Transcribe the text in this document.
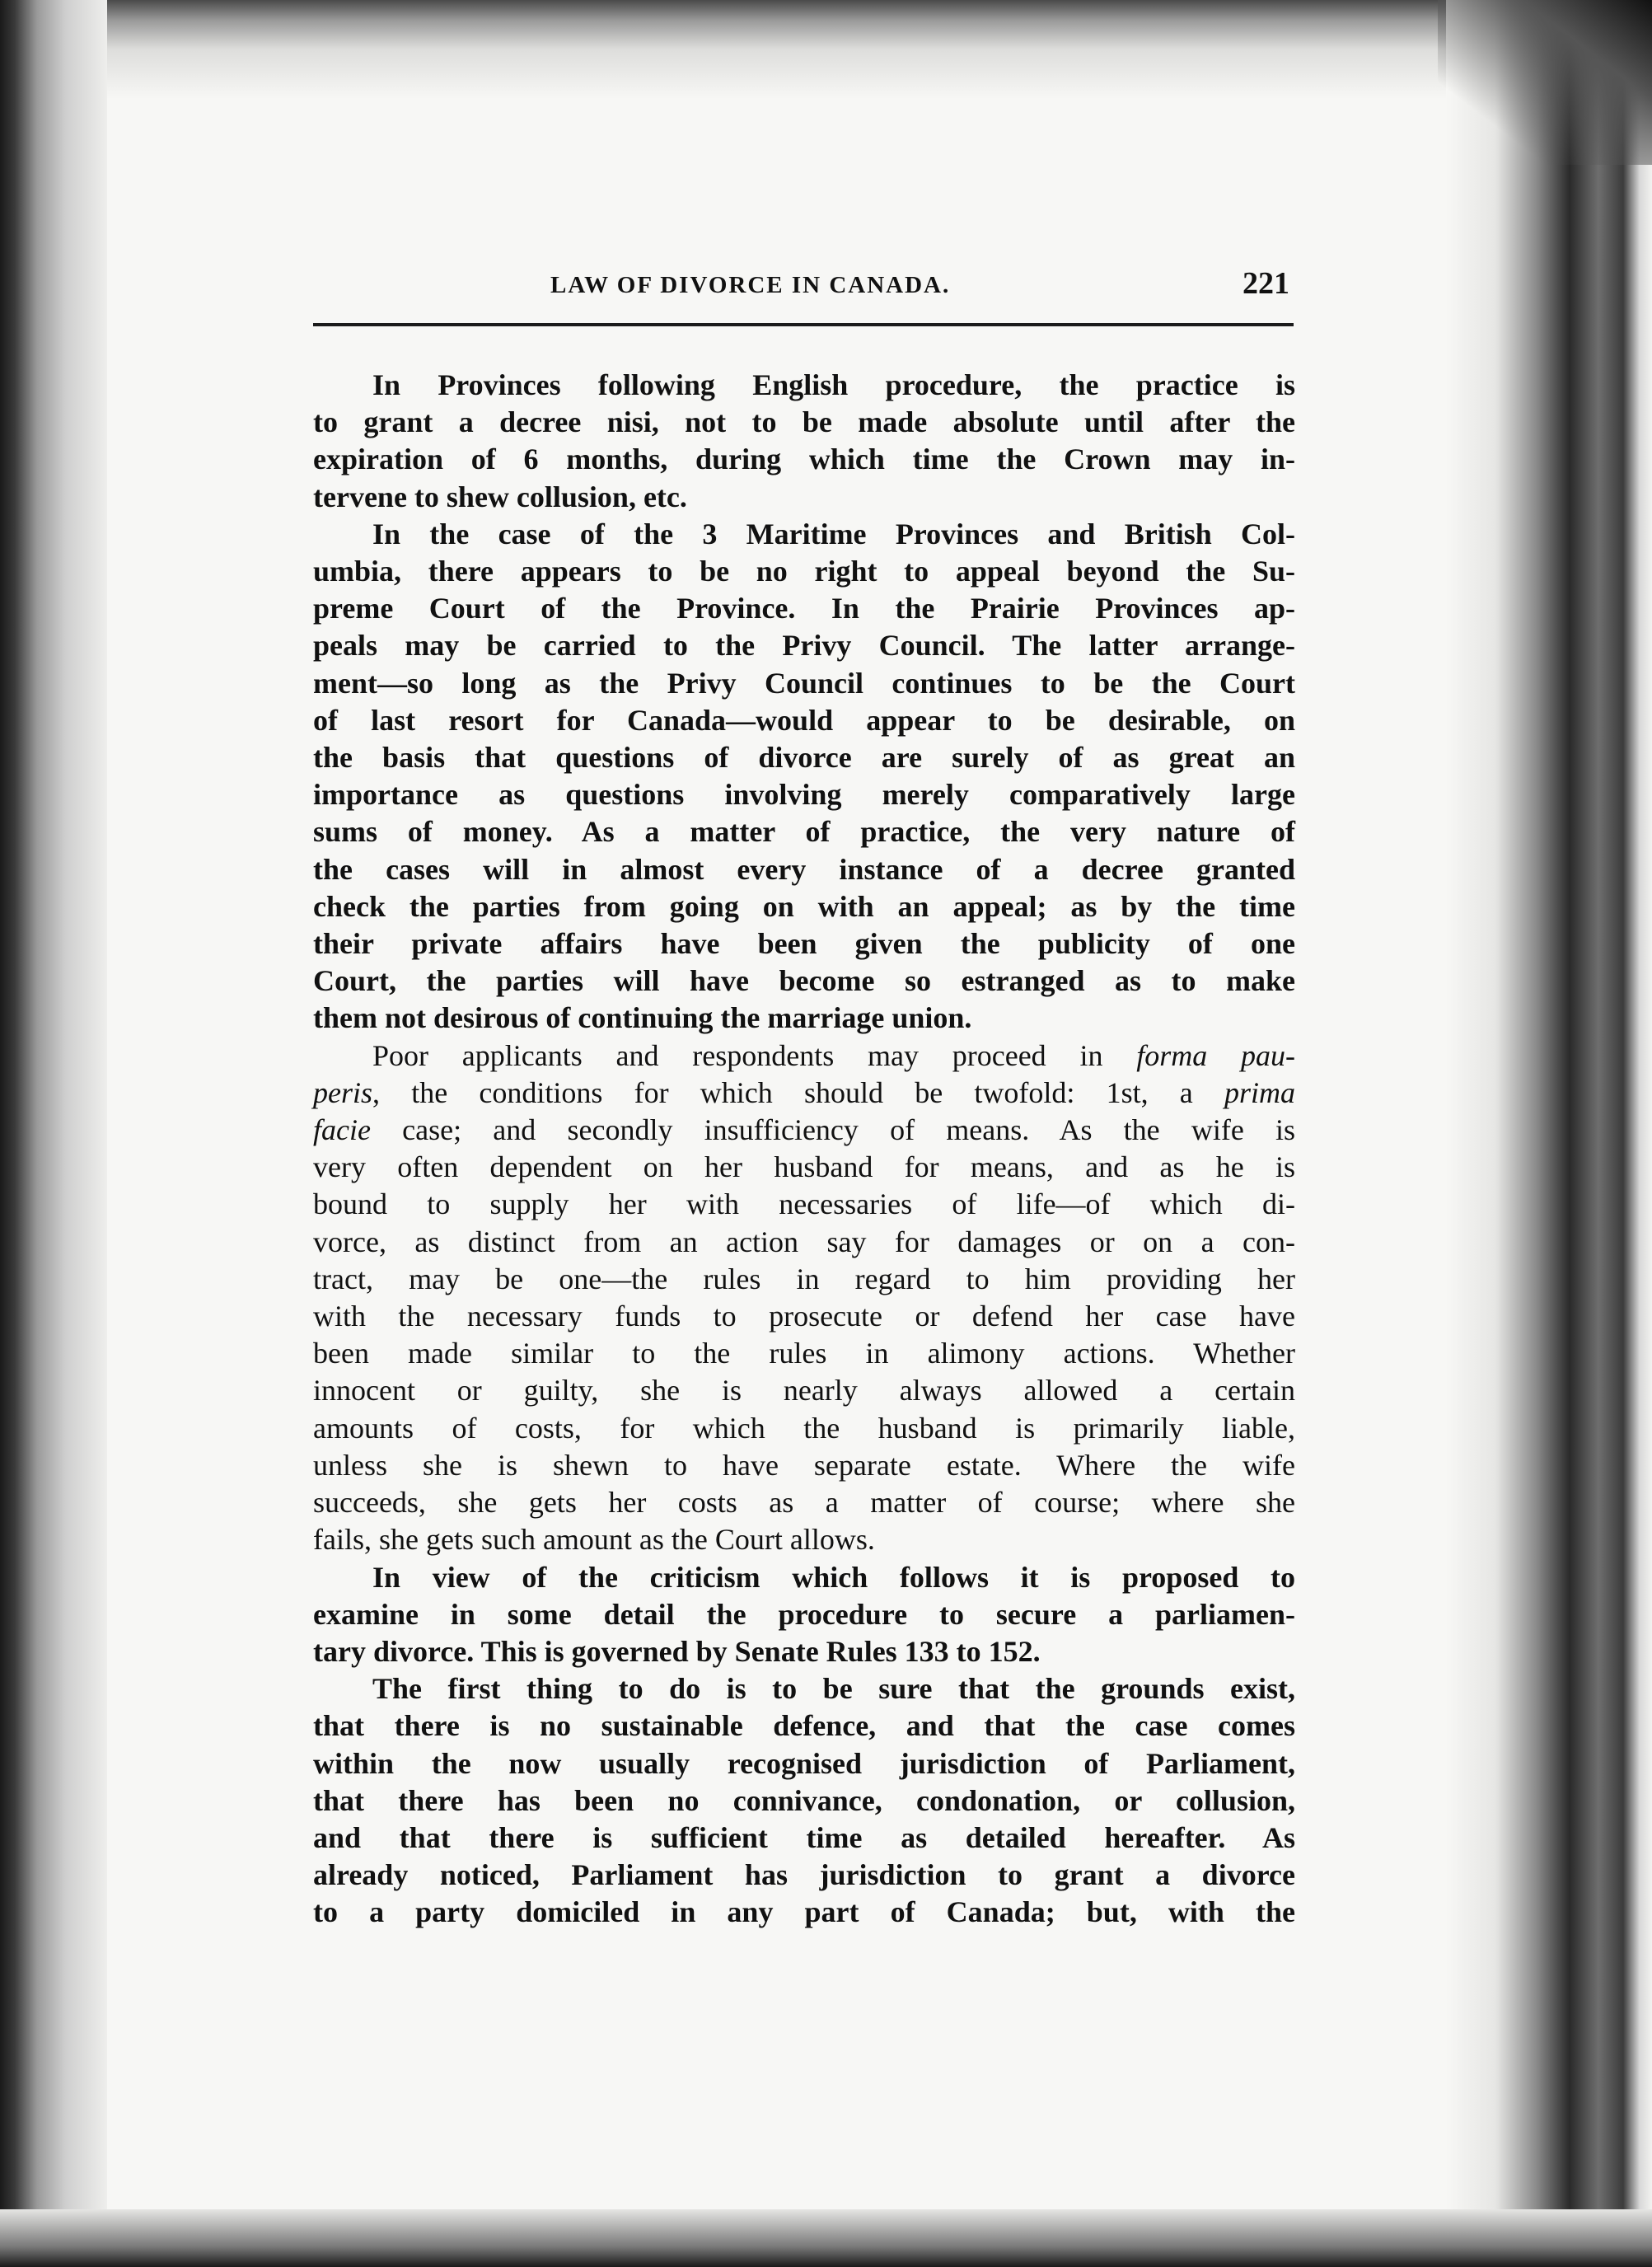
LAW OF DIVORCE IN CANADA.	221

In Provinces following English procedure, the practice is
to grant a decree nisi, not to be made absolute until after the
expiration of 6 months, during which time the Crown may in-
tervene to shew collusion, etc.

In the case of the 3 Maritime Provinces and British Col-
umbia, there appears to be no right to appeal beyond the Su-
preme Court of the Province. In the Prairie Provinces ap-
peals may be carried to the Privy Council. The latter arrange-
ment—so long as the Privy Council continues to be the Court
of last resort for Canada—would appear to be desirable, on
the basis that questions of divorce are surely of as great an
importance as questions involving merely comparatively large
sums of money. As a matter of practice, the very nature of
the cases will in almost every instance of a decree granted
check the parties from going on with an appeal; as by the time
their private affairs have been given the publicity of one
Court, the parties will have become so estranged as to make
them not desirous of continuing the marriage union.

Poor applicants and respondents may proceed in forma pau-
peris, the conditions for which should be twofold: 1st, a prima
facie case; and secondly insufficiency of means. As the wife is
very often dependent on her husband for means, and as he is
bound to supply her with necessaries of life—of which di-
vorce, as distinct from an action say for damages or on a con-
tract, may be one—the rules in regard to him providing her
with the necessary funds to prosecute or defend her case have
been made similar to the rules in alimony actions. Whether
innocent or guilty, she is nearly always allowed a certain
amounts of costs, for which the husband is primarily liable,
unless she is shewn to have separate estate. Where the wife
succeeds, she gets her costs as a matter of course; where she
fails, she gets such amount as the Court allows.

In view of the criticism which follows it is proposed to
examine in some detail the procedure to secure a parliamen-
tary divorce. This is governed by Senate Rules 133 to 152.

The first thing to do is to be sure that the grounds exist,
that there is no sustainable defence, and that the case comes
within the now usually recognised jurisdiction of Parliament,
that there has been no connivance, condonation, or collusion,
and that there is sufficient time as detailed hereafter. As
already noticed, Parliament has jurisdiction to grant a divorce
to a party domiciled in any part of Canada; but, with the
